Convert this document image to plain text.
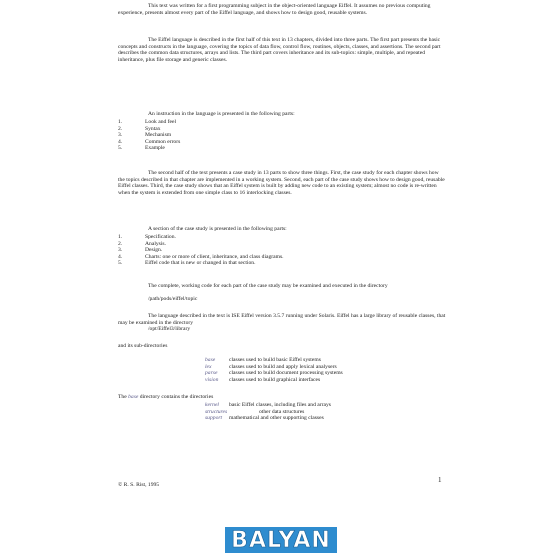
This text was written for a first programming subject in the object-oriented language Eiffel. It assumes no previous computing experience, presents almost every part of the Eiffel language, and shows how to design good, reusable systems.

The Eiffel language is described in the first half of this text in 13 chapters, divided into three parts. The first part presents the basic concepts and constructs in the language, covering the topics of data flow, control flow, routines, objects, classes, and assertions. The second part describes the common data structures, arrays and lists. The third part covers inheritance and its sub-topics: simple, multiple, and repeated inheritance, plus file storage and generic classes.

An instruction in the language is presented in the following parts:

1.	Look and feel
2.	Syntax
3.	Mechanism
4.	Common errors
5.	Example

The second half of the text presents a case study in 13 parts to show three things. First, the case study for each chapter shows how the topics described in that chapter are implemented in a working system. Second, each part of the case study shows how to design good, reusable Eiffel classes. Third, the case study shows that an Eiffel system is built by adding new code to an existing system; almost no code is re-written when the system is extended from one simple class to 16 interlocking classes.

A section of the case study is presented in the following parts:

1.	Specification.
2.	Analysis.
3.	Design.
4.	Charts: one or more of client, inheritance, and class diagrams.
5.	Eiffel code that is new or changed in that section.

The complete, working code for each part of the case study may be examined and executed in the directory

/path/pods/eiffel/topic

The language described in the text is ISE Eiffel version 3.5.7 running under Solaris. Eiffel has a large library of reusable classes, that may be examined in the directory

/opt/Eiffel3/library

and its sub-directories

base	classes used to build basic Eiffel systems
lex	classes used to build and apply lexical analysers
parse	classes used to build document processing systems
vision	classes used to build graphical interfaces

The base directory contains the directories

kernel	basic Eiffel classes, including files and arrays
structures	other data structures
support	mathematical and other supporting classes
1
© R. S. Rist, 1995
BALYAN
